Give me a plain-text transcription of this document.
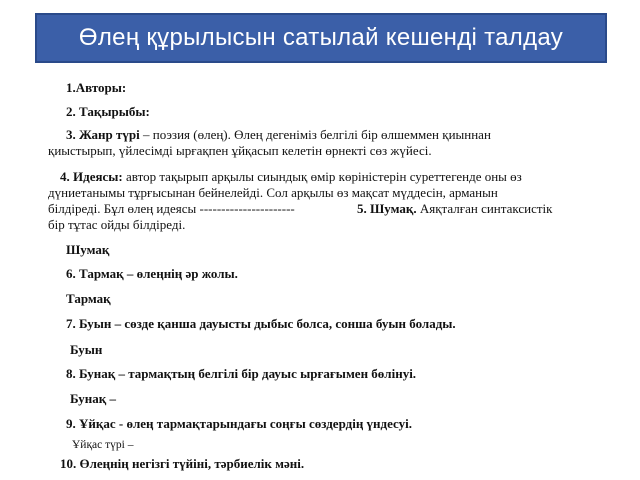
Өлең құрылысын сатылай кешенді талдау
1.Авторы:
2. Тақырыбы:
3. Жанр түрі – поэзия (өлең). Өлең дегеніміз белгілі бір өлшеммен қиыннан
қиыстырып, үйлесімді ырғақпен ұйқасып келетін өрнекті сөз жүйесі.
4. Идеясы: автор тақырып арқылы сиындық өмір көріністерін суреттегенде оны өз
дүниетанымы тұрғысынан бейнелейді. Сол арқылы өз мақсат мүддесін, арманын
білдіреді. Бұл өлең идеясы ----------------------	5. Шумақ. Аяқталған синтаксистік
бір тұтас ойды білдіреді.
Шумақ
6. Тармақ – өлеңнің әр жолы.
Тармақ
7. Буын – сөзде қанша дауысты дыбыс болса, сонша буын болады.
Буын
8. Бунақ – тармақтың белгілі бір дауыс ырғағымен бөлінуі.
Бунақ –
9. Ұйқас - өлең тармақтарындағы соңғы сөздердің үндесуі.
Ұйқас түрі –
10. Өлеңнің негізгі түйіні, тәрбиелік мәні.
